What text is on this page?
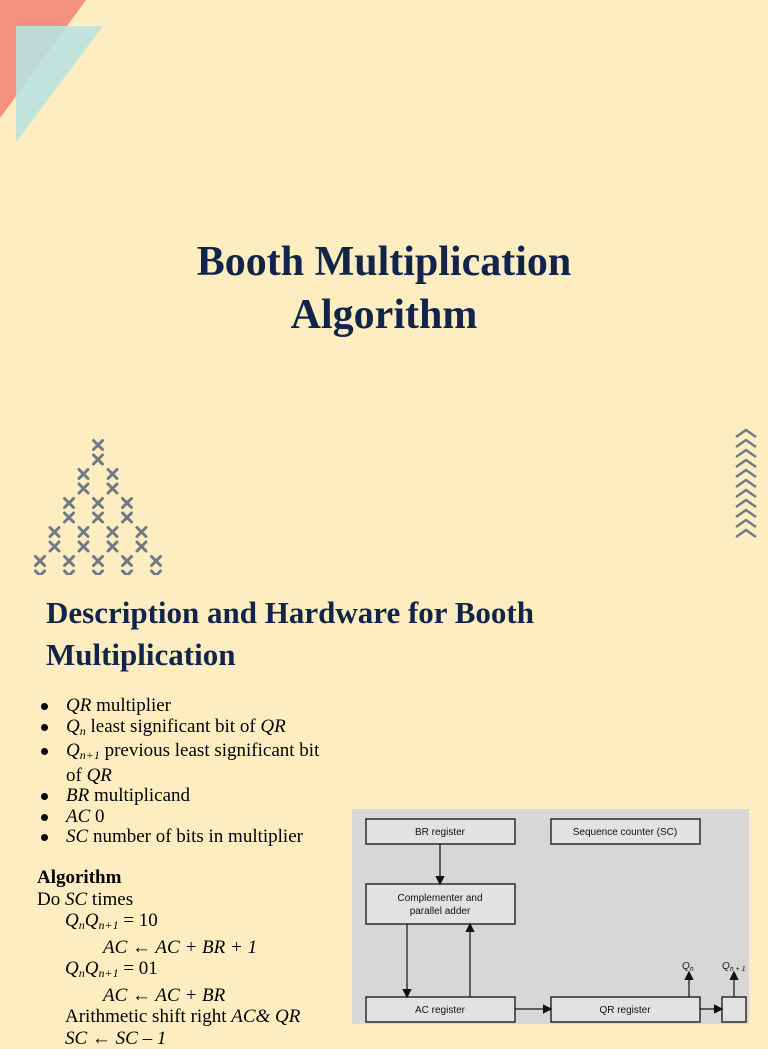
Booth Multiplication
Algorithm
Description and Hardware for Booth
Multiplication

QR multiplier

$Q_n$ least significant bit of QR

$Q_{n+1}$ previous least significant bit
of QR

BR multiplicand

AC 0

SC number of bits in multiplier

Algorithm
Do SC times
$Q_nQ_{n+1} = 10$
AC ← AC + BR + 1
$Q_nQ_{n+1} = 01$
AC ← AC + BR
Arithmetic shift right AC& QR
SC ← SC – 1
BR register	Sequence counter (SC)
Complementer and
parallel adder
AC register	QR register
$Q_n$	$Q_{n + 1}$
